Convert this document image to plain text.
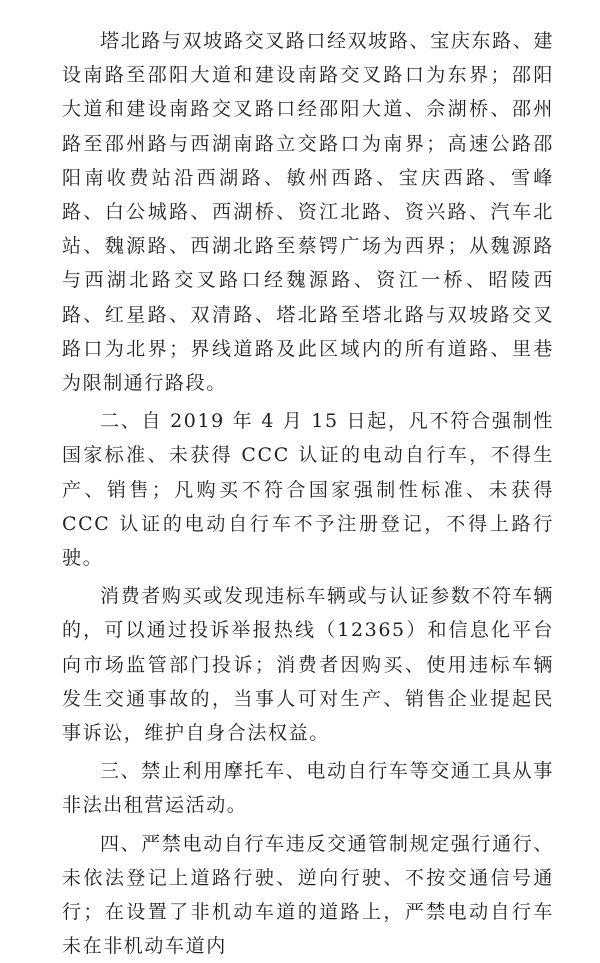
塔北路与双坡路交叉路口经双坡路、宝庆东路、建设南路至邵阳大道和建设南路交叉路口为东界；邵阳大道和建设南路交叉路口经邵阳大道、佘湖桥、邵州路至邵州路与西湖南路立交路口为南界；高速公路邵阳南收费站沿西湖路、敏州西路、宝庆西路、雪峰路、白公城路、西湖桥、资江北路、资兴路、汽车北站、魏源路、西湖北路至蔡锷广场为西界；从魏源路与西湖北路交叉路口经魏源路、资江一桥、昭陵西路、红星路、双清路、塔北路至塔北路与双坡路交叉路口为北界；界线道路及此区域内的所有道路、里巷为限制通行路段。

二、自 2019 年 4 月 15 日起，凡不符合强制性国家标准、未获得 CCC 认证的电动自行车，不得生产、销售；凡购买不符合国家强制性标准、未获得 CCC 认证的电动自行车不予注册登记，不得上路行驶。

消费者购买或发现违标车辆或与认证参数不符车辆的，可以通过投诉举报热线（12365）和信息化平台向市场监管部门投诉；消费者因购买、使用违标车辆发生交通事故的，当事人可对生产、销售企业提起民事诉讼，维护自身合法权益。

三、禁止利用摩托车、电动自行车等交通工具从事非法出租营运活动。

四、严禁电动自行车违反交通管制规定强行通行、未依法登记上道路行驶、逆向行驶、不按交通信号通行；在设置了非机动车道的道路上，严禁电动自行车未在非机动车道内
